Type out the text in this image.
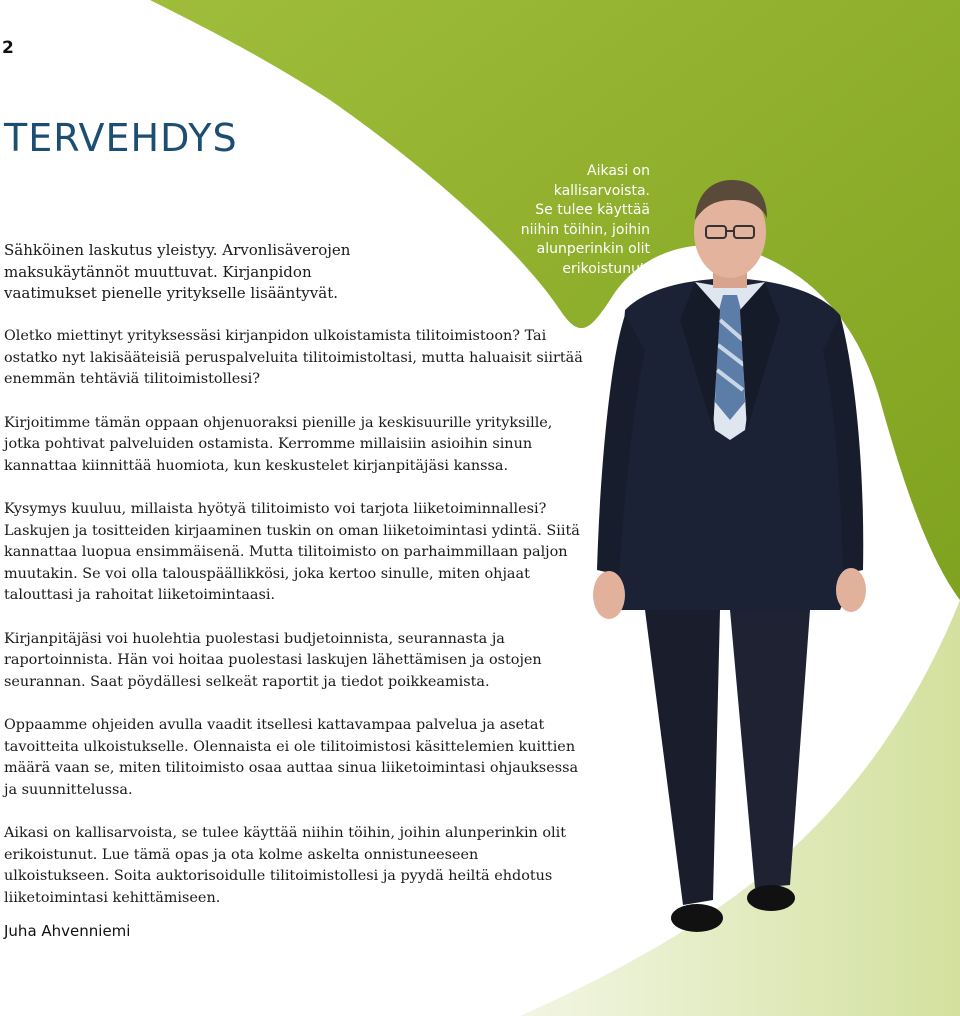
2
TERVEHDYS

Sähköinen laskutus yleistyy. Arvonlisäverojen maksukäytännöt muuttuvat. Kirjanpidon vaatimukset pienelle yritykselle lisääntyvät.

Aikasi on
kallisarvoista.
Se tulee käyttää
niihin töihin, joihin
alunperinkin olit
erikoistunut.

Oletko miettinyt yrityksessäsi kirjanpidon ulkoistamista tilitoimistoon? Tai ostatko nyt lakisääteisiä peruspalveluita tilitoimistoltasi, mutta haluaisit siirtää enemmän tehtäviä tilitoimistollesi?

Kirjoitimme tämän oppaan ohjenuoraksi pienille ja keskisuurille yrityksille, jotka pohtivat palveluiden ostamista. Kerromme millaisiin asioihin sinun kannattaa kiinnittää huomiota, kun keskustelet kirjanpitäjäsi kanssa.

Kysymys kuuluu, millaista hyötyä tilitoimisto voi tarjota liiketoiminnallesi? Laskujen ja tositteiden kirjaaminen tuskin on oman liiketoimintasi ydintä. Siitä kannattaa luopua ensimmäisenä. Mutta tilitoimisto on parhaimmillaan paljon muutakin. Se voi olla talouspäällikkösi, joka kertoo sinulle, miten ohjaat talouttasi ja rahoitat liiketoimintaasi.

Kirjanpitäjäsi voi huolehtia puolestasi budjetoinnista, seurannasta ja raportoinnista. Hän voi hoitaa puolestasi laskujen lähettämisen ja ostojen seurannan. Saat pöydällesi selkeät raportit ja tiedot poikkeamista.

Oppaamme ohjeiden avulla vaadit itsellesi kattavampaa palvelua ja asetat tavoitteita ulkoistukselle. Olennaista ei ole tilitoimistosi käsittelemien kuittien määrä vaan se, miten tilitoimisto osaa auttaa sinua liiketoimintasi ohjauksessa ja suunnittelussa.

Aikasi on kallisarvoista, se tulee käyttää niihin töihin, joihin alunperinkin olit erikoistunut. Lue tämä opas ja ota kolme askelta onnistuneeseen ulkoistukseen. Soita auktorisoidulle tilitoimistollesi ja pyydä heiltä ehdotus liiketoimintasi kehittämiseen.

Juha Ahvenniemi
